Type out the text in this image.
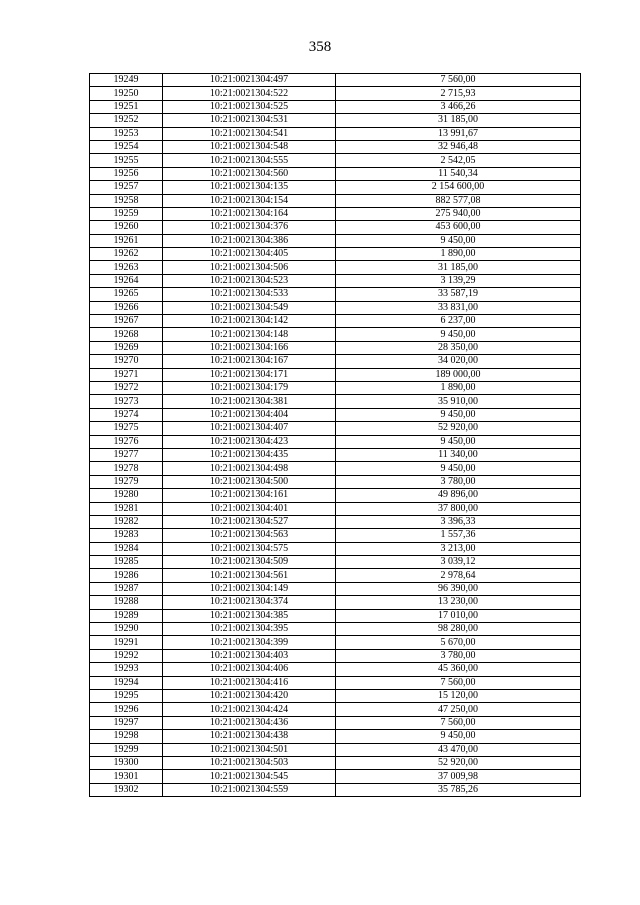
358
19249	10:21:0021304:497	7 560,00
19250	10:21:0021304:522	2 715,93
19251	10:21:0021304:525	3 466,26
19252	10:21:0021304:531	31 185,00
19253	10:21:0021304:541	13 991,67
19254	10:21:0021304:548	32 946,48
19255	10:21:0021304:555	2 542,05
19256	10:21:0021304:560	11 540,34
19257	10:21:0021304:135	2 154 600,00
19258	10:21:0021304:154	882 577,08
19259	10:21:0021304:164	275 940,00
19260	10:21:0021304:376	453 600,00
19261	10:21:0021304:386	9 450,00
19262	10:21:0021304:405	1 890,00
19263	10:21:0021304:506	31 185,00
19264	10:21:0021304:523	3 139,29
19265	10:21:0021304:533	33 587,19
19266	10:21:0021304:549	33 831,00
19267	10:21:0021304:142	6 237,00
19268	10:21:0021304:148	9 450,00
19269	10:21:0021304:166	28 350,00
19270	10:21:0021304:167	34 020,00
19271	10:21:0021304:171	189 000,00
19272	10:21:0021304:179	1 890,00
19273	10:21:0021304:381	35 910,00
19274	10:21:0021304:404	9 450,00
19275	10:21:0021304:407	52 920,00
19276	10:21:0021304:423	9 450,00
19277	10:21:0021304:435	11 340,00
19278	10:21:0021304:498	9 450,00
19279	10:21:0021304:500	3 780,00
19280	10:21:0021304:161	49 896,00
19281	10:21:0021304:401	37 800,00
19282	10:21:0021304:527	3 396,33
19283	10:21:0021304:563	1 557,36
19284	10:21:0021304:575	3 213,00
19285	10:21:0021304:509	3 039,12
19286	10:21:0021304:561	2 978,64
19287	10:21:0021304:149	96 390,00
19288	10:21:0021304:374	13 230,00
19289	10:21:0021304:385	17 010,00
19290	10:21:0021304:395	98 280,00
19291	10:21:0021304:399	5 670,00
19292	10:21:0021304:403	3 780,00
19293	10:21:0021304:406	45 360,00
19294	10:21:0021304:416	7 560,00
19295	10:21:0021304:420	15 120,00
19296	10:21:0021304:424	47 250,00
19297	10:21:0021304:436	7 560,00
19298	10:21:0021304:438	9 450,00
19299	10:21:0021304:501	43 470,00
19300	10:21:0021304:503	52 920,00
19301	10:21:0021304:545	37 009,98
19302	10:21:0021304:559	35 785,26
